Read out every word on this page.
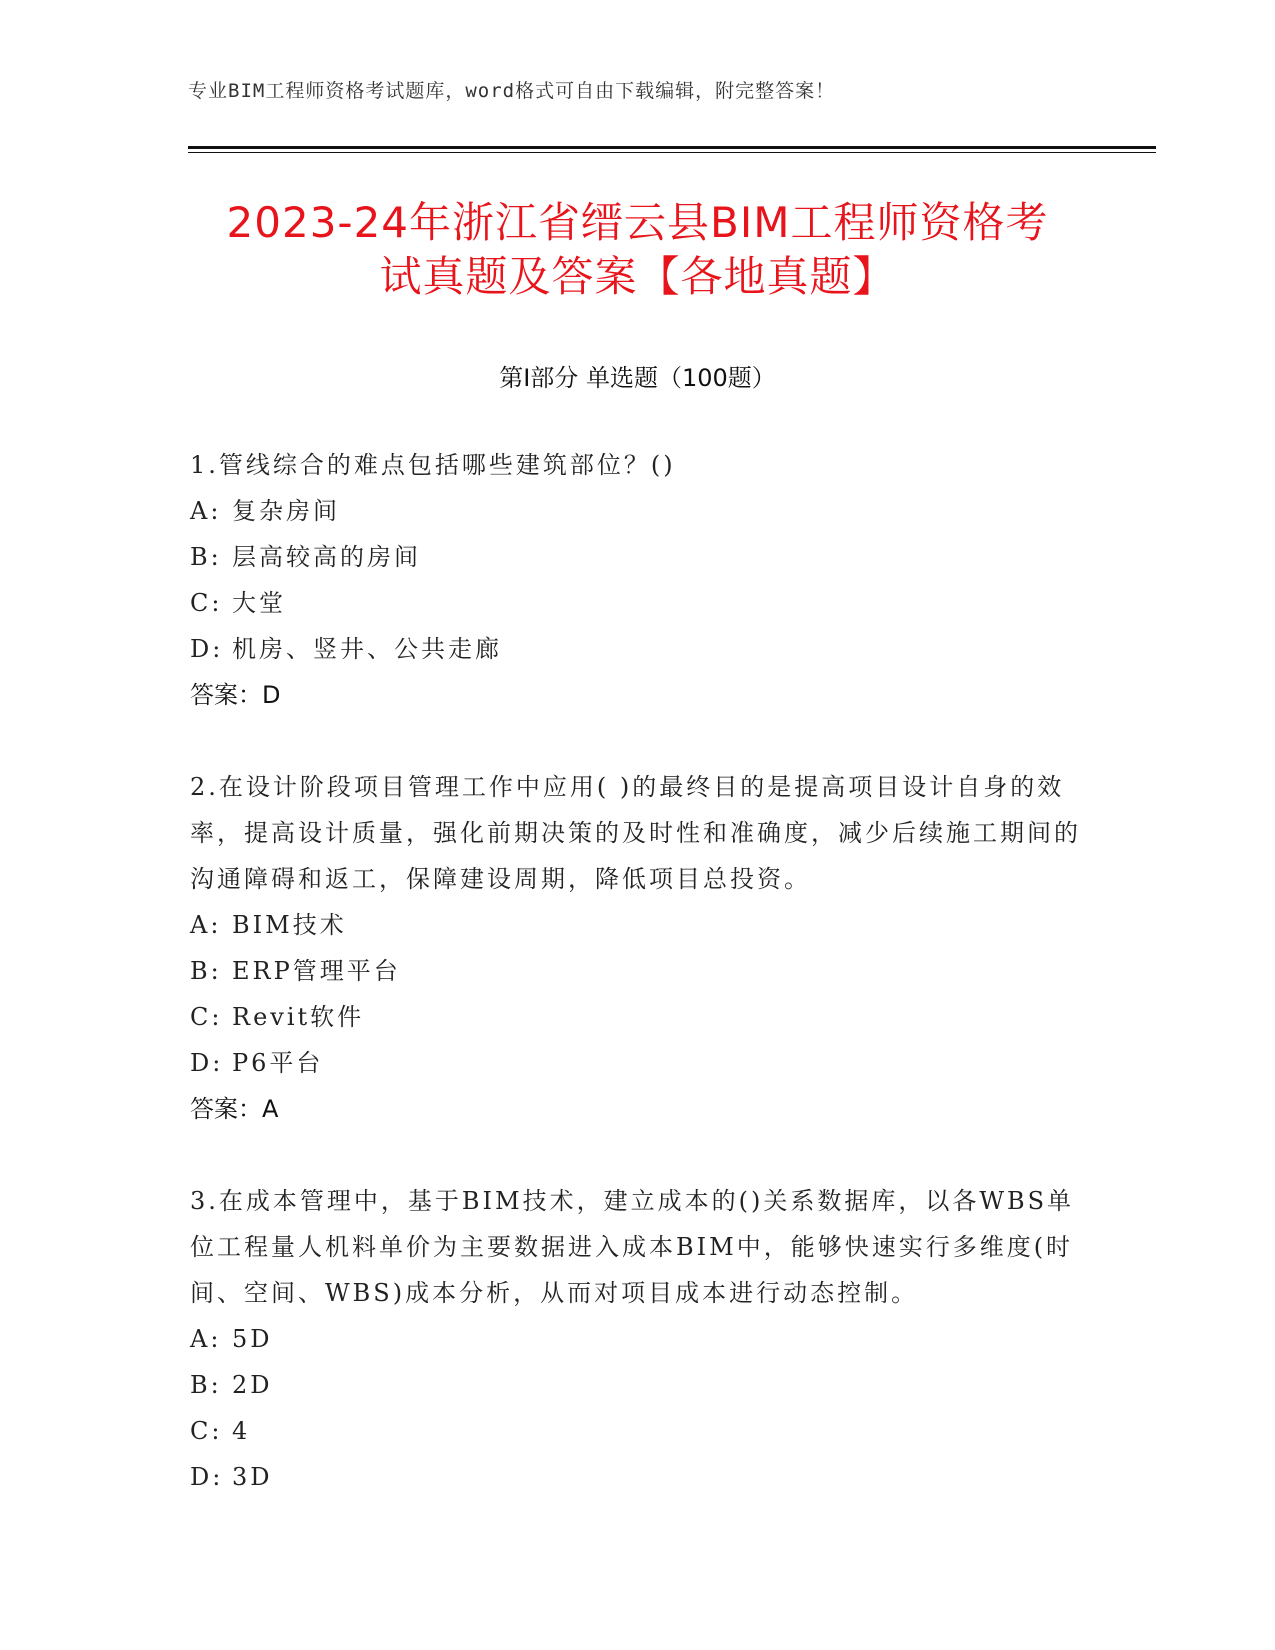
专业BIM工程师资格考试题库，word格式可自由下载编辑，附完整答案！
2023-24年浙江省缙云县BIM工程师资格考
试真题及答案【各地真题】
第Ⅰ部分 单选题（100题）

1.管线综合的难点包括哪些建筑部位？()

A: 复杂房间

B: 层高较高的房间

C: 大堂

D: 机房、竖井、公共走廊

答案：D

2.在设计阶段项目管理工作中应用( )的最终目的是提高项目设计自身的效率，提高设计质量，强化前期决策的及时性和准确度，减少后续施工期间的沟通障碍和返工，保障建设周期，降低项目总投资。

A: BIM技术

B: ERP管理平台

C: Revit软件

D: P6平台

答案：A

3.在成本管理中，基于BIM技术，建立成本的()关系数据库，以各WBS单位工程量人机料单价为主要数据进入成本BIM中，能够快速实行多维度(时间、空间、WBS)成本分析，从而对项目成本进行动态控制。

A: 5D

B: 2D

C: 4

D: 3D
